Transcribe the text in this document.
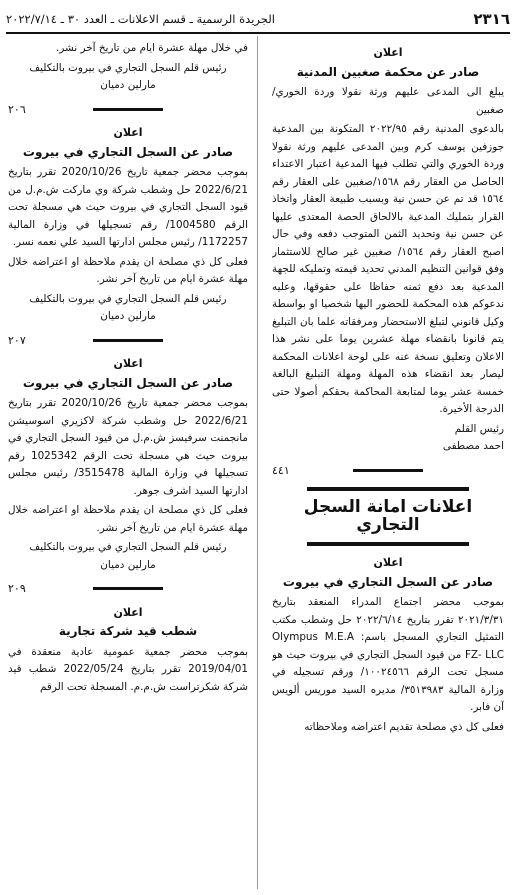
٢٣١٦
الجريدة الرسمية ـ قسم الاعلانات ـ العدد ٣٠ ـ ٢٠٢٢/٧/١٤
اعلان
صادر عن محكمة صغبين المدنية

يبلغ الى المدعى عليهم ورثة نقولا وردة الخوري/ صغبين

بالدعوى المدنية رقم ٢٠٢٢/٩٥ المتكونة بين المدعية جوزفين يوسف كرم وبين المدعى عليهم ورثة نقولا وردة الخوري والتي تطلب فيها المدعية اعتبار الاعتداء الحاصل من العقار رقم ١٥٦٨/صغبين على العقار رقم ١٥٦٤ قد تم عن حسن نية وبسبب طبيعة العقار واتخاذ القرار بتمليك المدعية بالالحاق الحصة المعتدى عليها عن حسن نية وتحديد الثمن المتوجب دفعه وفي حال اصبح العقار رقم ١٥٦٤/ صغبين غير صالح للاستثمار وفق قوانين التنظيم المدني تحديد قيمته وتمليكه للجهة المدعية بعد دفع ثمنه حفاظا على حقوقها، وعليه ندعوكم هذه المحكمة للحضور اليها شخصيا او بواسطة وكيل قانوني لتبلغ الاستحضار ومرفقاته علما بان التبليغ يتم قانونا بانقضاء مهلة عشرين يوما على نشر هذا الاعلان وتعليق نسخة عنه على لوحة اعلانات المحكمة ليصار بعد انقضاء هذه المهلة ومهلة التبليغ البالغة خمسة عشر يوما لمتابعة المحاكمة بحقكم أصولا حتى الدرجة الأخيرة.

رئيس القلم
احمد مصطفى
٤٤١
اعلانات امانة السجل التجاري
اعلان
صادر عن السجل التجاري في بيروت

بموجب محضر اجتماع المدراء المنعقد بتاريخ ٢٠٢١/٣/٣١ تقرر بتاريخ ٢٠٢٢/٦/١٤ حل وشطب مكتب التمثيل التجاري المسجل باسم: Olympus M.E.A FZ- LLC من قيود السجل التجاري في بيروت حيث هو مسجل تحت الرقم ١٠٠٢٤٥٦٦/ ورقم تسجيله في وزارة المالية ٣٥١٣٩٨٣/ مديره السيد موريس ألويس آن فابر.

فعلى كل ذي مصلحة تقديم اعتراضه وملاحظاته

في خلال مهلة عشرة ايام من تاريخ آخر نشر.

رئيس قلم السجل التجاري في بيروت بالتكليف
مارلين دميان
٢٠٦
اعلان
صادر عن السجل التجاري في بيروت

بموجب محضر جمعية تاريخ 2020/10/26 تقرر بتاريخ 2022/6/21 حل وشطب شركة وي ماركت ش.م.ل من قيود السجل التجاري في بيروت حيث هي مسجلة تحت الرقم 1004580/ رقم تسجيلها في وزارة المالية 1172257/ رئيس مجلس ادارتها السيد علي نعمه نسر.

فعلى كل ذي مصلحة ان يقدم ملاحظة او اعتراضه خلال مهلة عشرة ايام من تاريخ آخر نشر.

رئيس قلم السجل التجاري في بيروت بالتكليف
مارلين دميان
٢٠٧
اعلان
صادر عن السجل التجاري في بيروت

بموجب محضر جمعية تاريخ 2020/10/26 تقرر بتاريخ 2022/6/21 حل وشطب شركة لاكزيري اسوسيشن مانجمنت سرفيسز ش.م.ل من قيود السجل التجاري في بيروت حيث هي مسجلة تحت الرقم 1025342 رقم تسجيلها في وزارة المالية 3515478/ رئيس مجلس ادارتها السيد اشرف جوهر.

فعلى كل ذي مصلحة ان يقدم ملاحظة او اعتراضه خلال مهلة عشرة ايام من تاريخ آخر نشر.

رئيس قلم السجل التجاري في بيروت بالتكليف
مارلين دميان
٢٠٩
اعلان
شطب قيد شركة تجارية

بموجب محضر جمعية عمومية عادية منعقدة في 2019/04/01 تقرر بتاريخ 2022/05/24 شطب قيد شركة شكرتراست ش.م.م. المسجلة تحت الرقم
